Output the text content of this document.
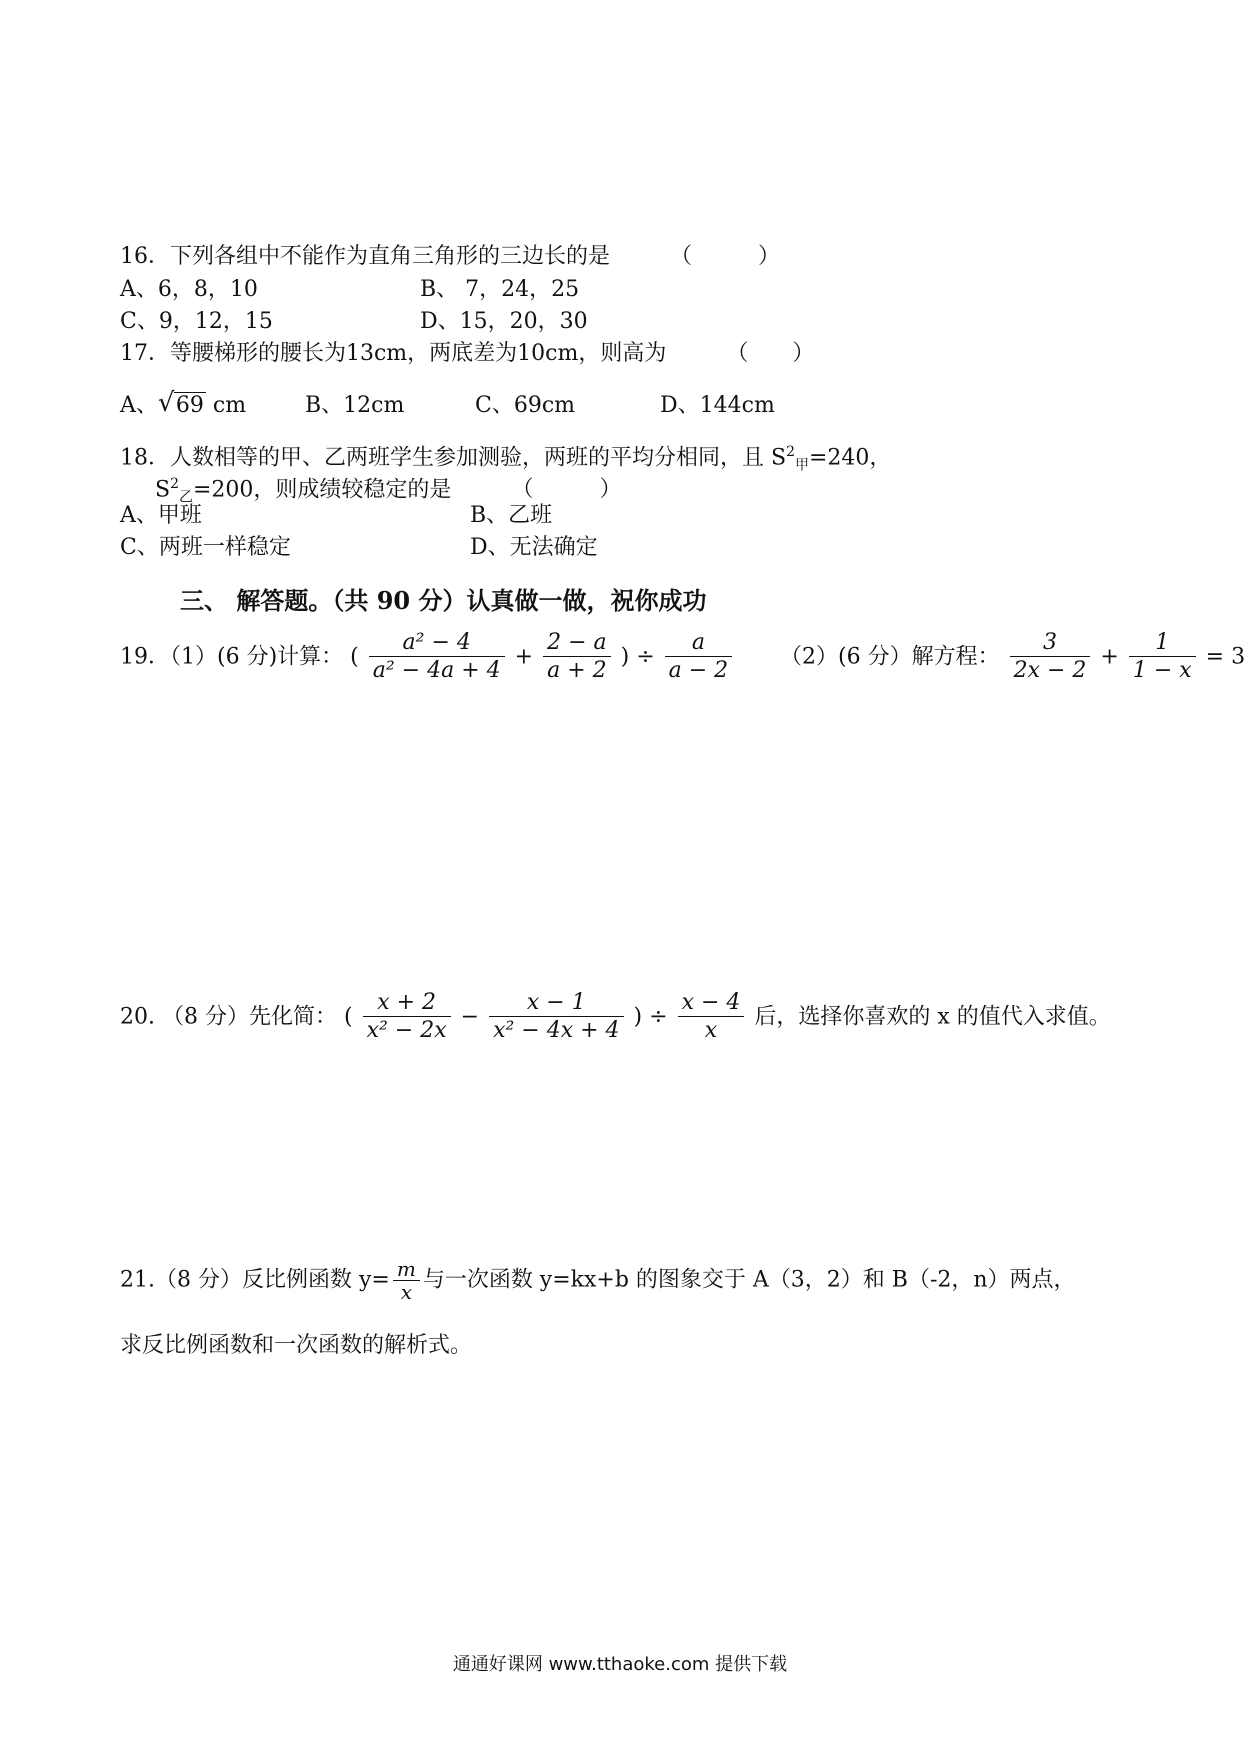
16．下列各组中不能作为直角三角形的三边长的是	（　　　）
A、6，8，10	B、 7，24，25
C、9，12，15	D、15，20，30
17．等腰梯形的腰长为13cm，两底差为10cm，则高为	（　　）
A、 √ 69 cm	B、12cm	C、69cm	D、144cm
18．人数相等的甲、乙两班学生参加测验，两班的平均分相同，且 $S^2_甲=240$，
$S^2_乙=200$，则成绩较稳定的是	（　　　）
A、甲班	B、乙班
C、两班一样稳定	D、无法确定
三、 解答题。（共 90 分）认真做一做，祝你成功
19．（1）(6 分)计算： ( $\frac{\text{a² − 4}}{\text{a² − 4a + 4}} + \frac{2 - a}{a + 2}$ ) ÷ $\frac{a}{a - 2} (2)(6$ 分）解方程： $\frac{3}{2x - 2} + \frac{1}{1 - x} = 3$
20. （8 分）先化简： ( $\frac{x + 2}{\text{x² − 2x}} - \frac{x - 1}{\text{x² − 4x + 4}}$ ) ÷ $\frac{x - 4}{x}$ 后，选择你喜欢的 x 的值代入求值。
21.（8 分）反比例函数 $y= \frac{m}{x}$ 与一次函数 y=kx+b 的图象交于 A（3，2）和 B（-2，n）两点，
求反比例函数和一次函数的解析式。
通通好课网 www.tthaoke.com 提供下载
